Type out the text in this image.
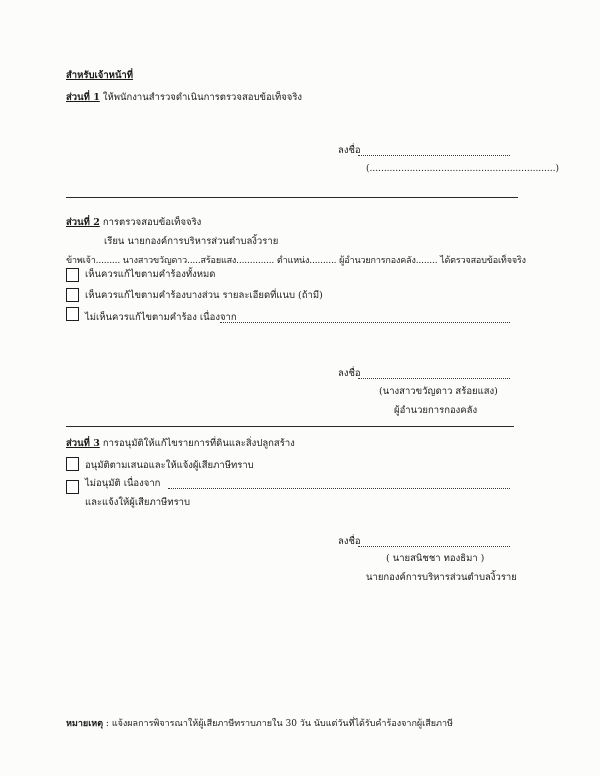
สำหรับเจ้าหน้าที่
ส่วนที่ 1 ให้พนักงานสำรวจดำเนินการตรวจสอบข้อเท็จจริง
ลงชื่อ
(.................................................................)
ส่วนที่ 2 การตรวจสอบข้อเท็จจริง
เรียน นายกองค์การบริหารส่วนตำบลงิ้วราย
ข้าพเจ้า......... นางสาวขวัญดาว.....สร้อยแสง.............. ตำแหน่ง.......... ผู้อำนวยการกองคลัง........ ได้ตรวจสอบข้อเท็จจริง
เห็นควรแก้ไขตามคำร้องทั้งหมด
เห็นควรแก้ไขตามคำร้องบางส่วน รายละเอียดที่แนบ (ถ้ามี)
ไม่เห็นควรแก้ไขตามคำร้อง เนื่องจาก
ลงชื่อ
(นางสาวขวัญดาว สร้อยแสง)
ผู้อำนวยการกองคลัง
ส่วนที่ 3 การอนุมัติให้แก้ไขรายการที่ดินและสิ่งปลูกสร้าง
อนุมัติตามเสนอและให้แจ้งผู้เสียภาษีทราบ
ไม่อนุมัติ เนื่องจาก
และแจ้งให้ผู้เสียภาษีทราบ
ลงชื่อ
( นายสนิชชา ทองธิมา )
นายกองค์การบริหารส่วนตำบลงิ้วราย
หมายเหตุ : แจ้งผลการพิจารณาให้ผู้เสียภาษีทราบภายใน 30 วัน นับแต่วันที่ได้รับคำร้องจากผู้เสียภาษี
